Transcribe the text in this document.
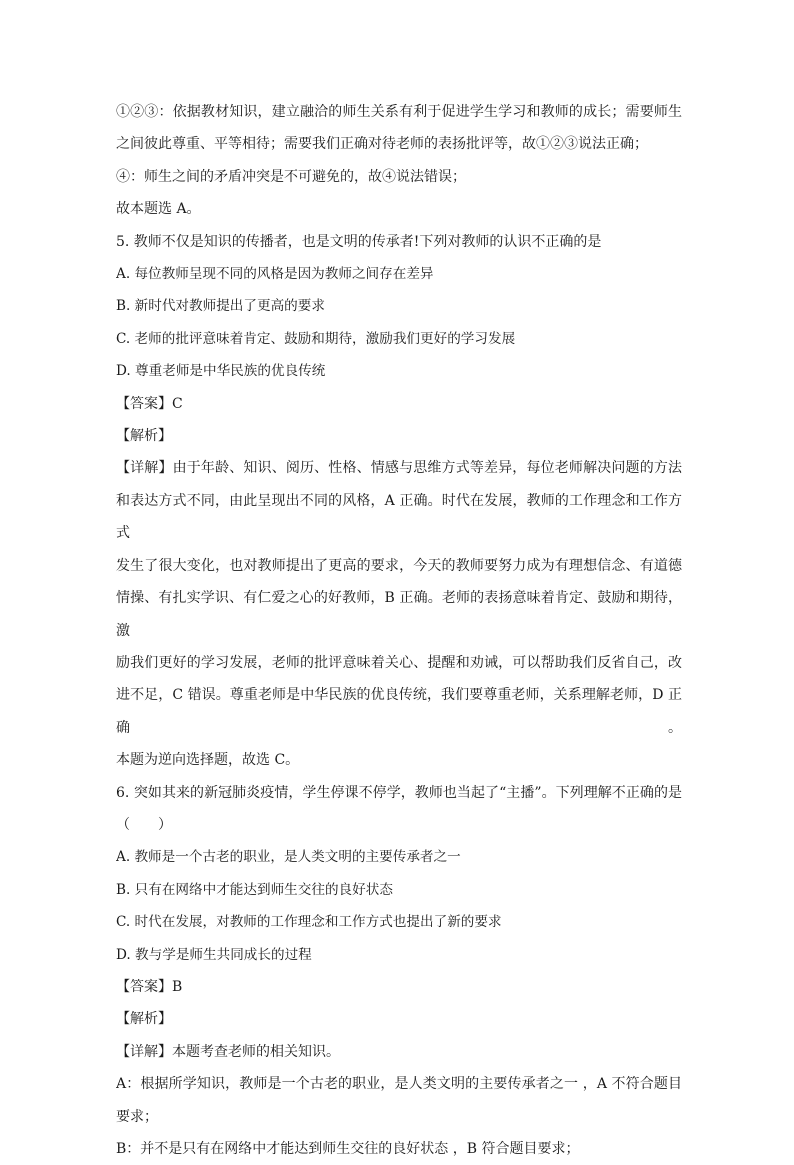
①②③：依据教材知识，建立融洽的师生关系有利于促进学生学习和教师的成长；需要师生
之间彼此尊重、平等相待；需要我们正确对待老师的表扬批评等，故①②③说法正确；
④：师生之间的矛盾冲突是不可避免的，故④说法错误；
故本题选 A。
5. 教师不仅是知识的传播者，也是文明的传承者!下列对教师的认识不正确的是
A. 每位教师呈现不同的风格是因为教师之间存在差异
B. 新时代对教师提出了更高的要求
C. 老师的批评意味着肯定、鼓励和期待，激励我们更好的学习发展
D. 尊重老师是中华民族的优良传统
【答案】C
【解析】
【详解】由于年龄、知识、阅历、性格、情感与思维方式等差异，每位老师解决问题的方法
和表达方式不同，由此呈现出不同的风格，A 正确。时代在发展，教师的工作理念和工作方式
发生了很大变化，也对教师提出了更高的要求，今天的教师要努力成为有理想信念、有道德
情操、有扎实学识、有仁爱之心的好教师，B 正确。老师的表扬意味着肯定、鼓励和期待，激
励我们更好的学习发展，老师的批评意味着关心、提醒和劝诫，可以帮助我们反省自己，改
进不足，C 错误。尊重老师是中华民族的优良传统，我们要尊重老师，关系理解老师，D 正确。
本题为逆向选择题，故选 C。
6. 突如其来的新冠肺炎疫情，学生停课不停学，教师也当起了“主播”。下列理解不正确的是
（　　）
A. 教师是一个古老的职业，是人类文明的主要传承者之一
B. 只有在网络中才能达到师生交往的良好状态
C. 时代在发展，对教师的工作理念和工作方式也提出了新的要求
D. 教与学是师生共同成长的过程
【答案】B
【解析】
【详解】本题考查老师的相关知识。
A：根据所学知识，教师是一个古老的职业，是人类文明的主要传承者之一 ，A 不符合题目
要求；
B：并不是只有在网络中才能达到师生交往的良好状态 ，B 符合题目要求；
